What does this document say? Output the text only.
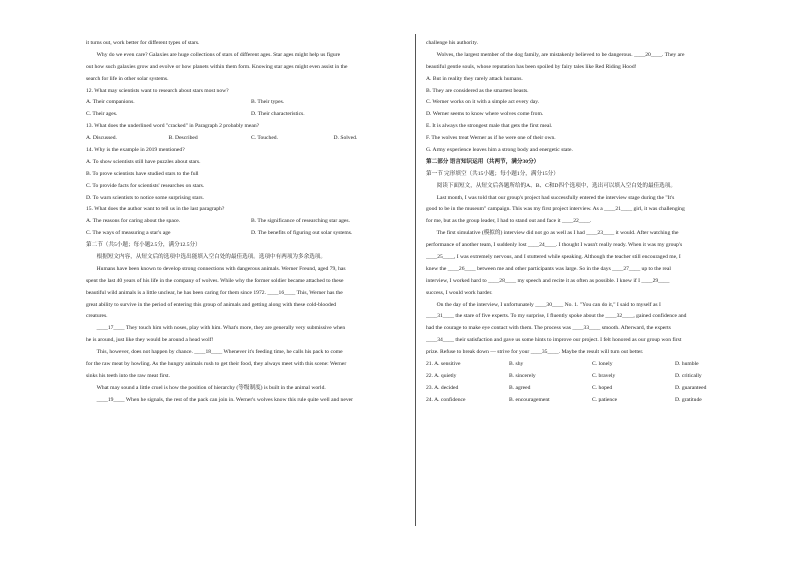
it turns out, work better for different types of stars.
Why do we even care? Galaxies are huge collections of stars of different ages. Star ages might help us figure
out how such galaxies grow and evolve or how planets within them form. Knowing star ages might even assist in the
search for life in other solar systems.
12. What may scientists want to research about stars most now?
A. Their companions.	B. Their types.
C. Their ages.	D. Their characteristics.
13. What does the underlined word "cracked" in Paragraph 2 probably mean?
A. Discussed.	B. Described	C. Touched.	D. Solved.
14. Why is the example in 2019 mentioned?
A. To show scientists still have puzzles about stars.
B. To prove scientists have studied stars to the full
C. To provide facts for scientists' researches on stars.
D. To warn scientists to notice some surprising stars.
15. What does the author want to tell us in the last paragraph?
A. The reasons for caring about the space.	B. The significance of researching star ages.
C. The ways of measuring a star's age	D. The benefits of figuring out solar systems.
第二节（共5小题；每小题2.5分，满分12.5分）
根据短文内容，从短文后的选项中选出能填入空白处的最佳选项。选项中有两项为多余选项。
Humans have been known to develop strong connections with dangerous animals. Werner Freund, aged 79, has
spent the last 40 years of his life in the company of wolves. While why the former soldier became attached to these
beautiful wild animals is a little unclear, he has been caring for them since 1972. ____16____ This, Werner has the
great ability to survive in the period of entering this group of animals and getting along with these cold-blooded
creatures.
____17____ They touch him with noses, play with him. What's more, they are generally very submissive when
he is around, just like they would be around a head wolf!
This, however, does not happen by chance. ____18____ Whenever it's feeding time, he calls his pack to come
for the raw meat by howling. As the hungry animals rush to get their food, they always meet with this scene: Werner
sinks his teeth into the raw meat first.
What may sound a little cruel is how the position of hierarchy (等级制度) is built in the animal world.
____19____ When he signals, the rest of the pack can join in. Werner's wolves know this rule quite well and never
challenge his authority.
Wolves, the largest member of the dog family, are mistakenly believed to be dangerous. ____20____. They are
beautiful gentle souls, whose reputation has been spoiled by fairy tales like Red Riding Hood!
A. But in reality they rarely attack humans.
B. They are considered as the smartest beasts.
C. Werner works on it with a simple act every day.
D. Werner seems to know where wolves come from.
E. It is always the strongest male that gets the first meal.
F. The wolves treat Werner as if he were one of their own.
G. Army experience leaves him a strong body and energetic state.
第二部分 语言知识运用（共两节，满分30分）
第一节 完形填空（共15小题；每小题1分，满分15分）
阅读下面短文，从短文后各题所给的A、B、C和D四个选项中，选出可以填入空白处的最佳选项。
Last month, I was told that our group's project had successfully entered the interview stage during the "It's
good to be in the museum" campaign. This was my first project interview. As a ____21____ girl, it was challenging
for me, but as the group leader, I had to stand out and face it ____22____.
The first simulative (模拟的) interview did not go as well as I had ____23____ it would. After watching the
performance of another team, I suddenly lost ____24____. I thought I wasn't really ready. When it was my group's
____25____, I was extremely nervous, and I stuttered while speaking. Although the teacher still encouraged me, I
knew the ____26____ between me and other participants was large. So in the days ____27____ up to the real
interview, I worked hard to ____28____ my speech and recite it as often as possible. I knew if I ____29____
success, I would work harder.
On the day of the interview, I unfortunately ____30____ No. 1. "You can do it," I said to myself as I
____31____ the stare of five experts. To my surprise, I fluently spoke about the ____32____, gained confidence and
had the courage to make eye contact with them. The process was ____33____ smooth. Afterward, the experts
____34____ their satisfaction and gave us some hints to improve our project. I felt honored as our group won first
prize. Refuse to break down — strive for your ____35____. Maybe the result will turn out better.
21. A. sensitive	B. shy	C. lonely	D. humble
22. A. quietly	B. sincerely	C. bravely	D. critically
23. A. decided	B. agreed	C. hoped	D. guaranteed
24. A. confidence	B. encouragement	C. patience	D. gratitude
